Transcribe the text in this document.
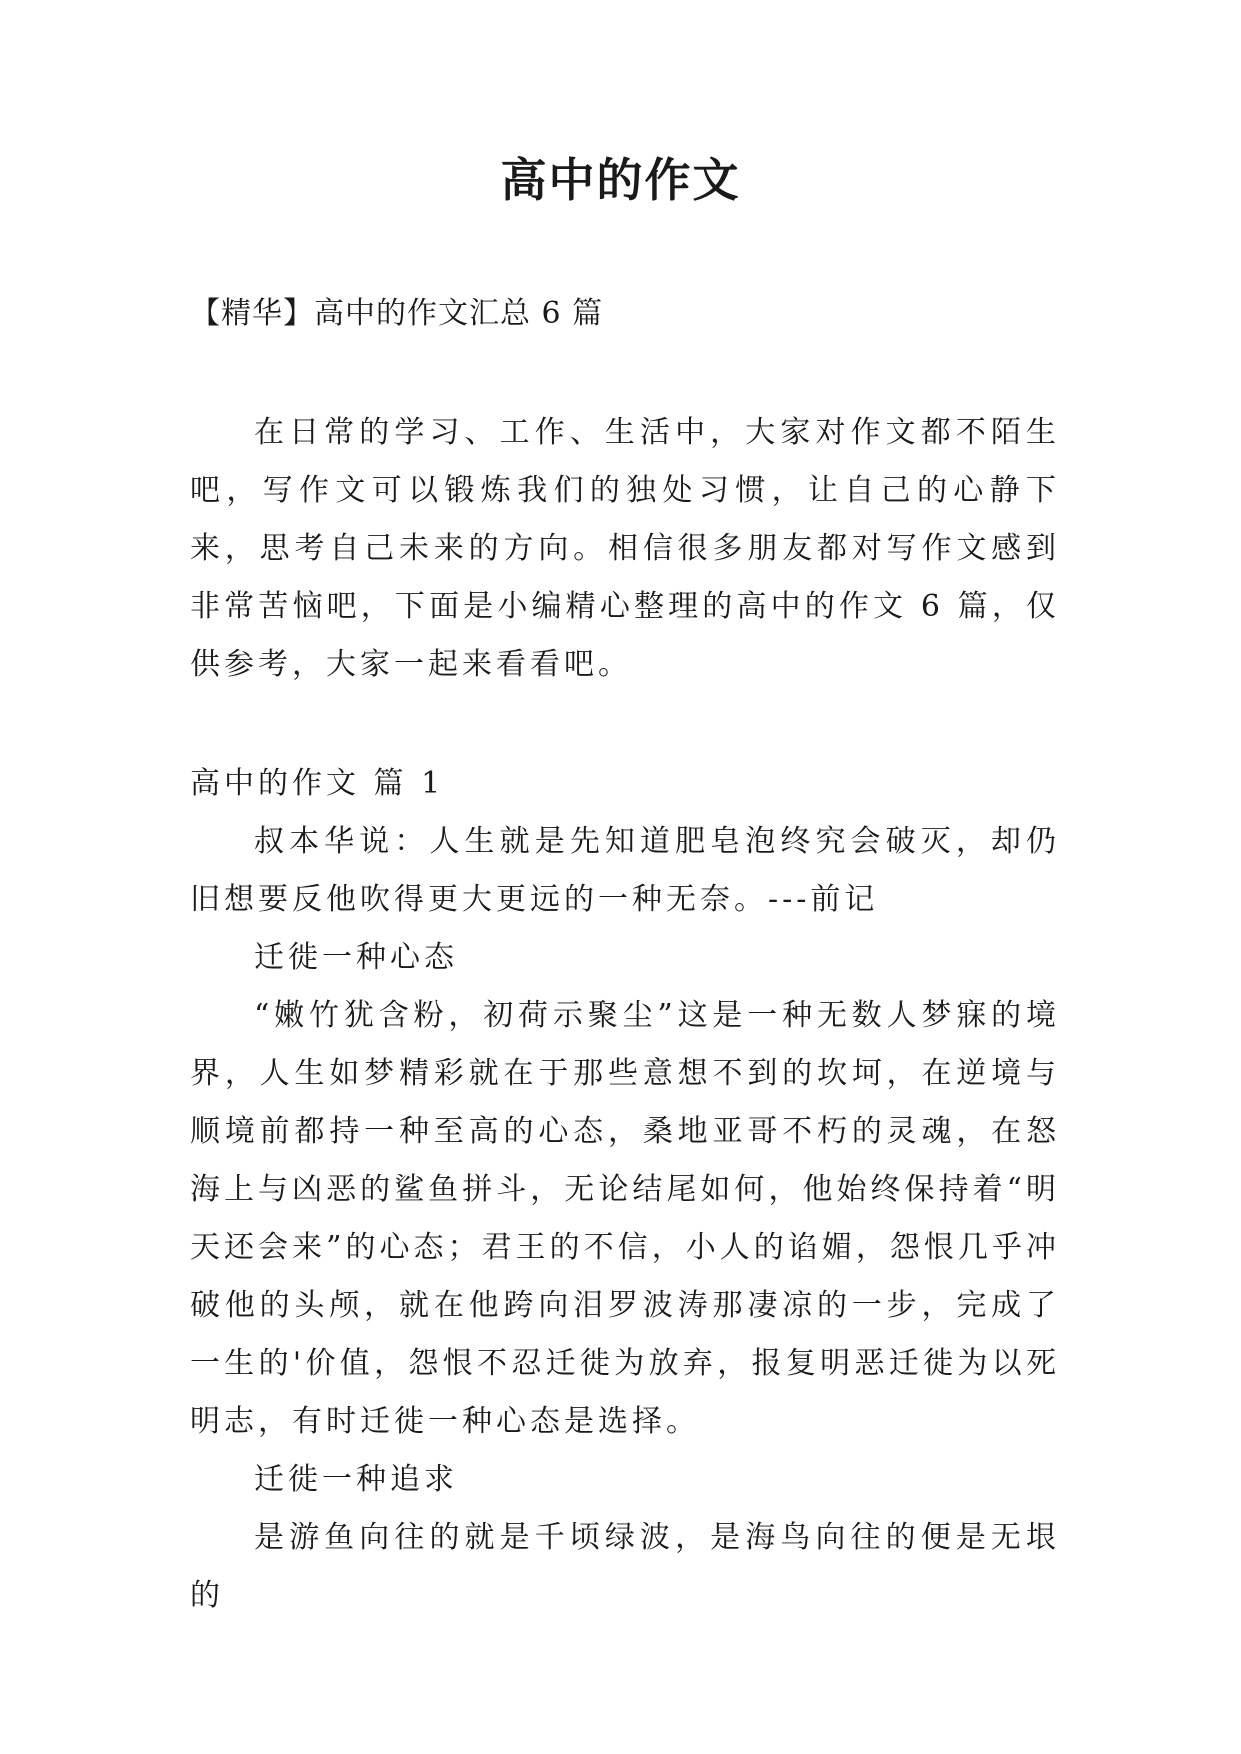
高中的作文
【精华】高中的作文汇总 6 篇

在日常的学习、工作、生活中，大家对作文都不陌生吧，写作文可以锻炼我们的独处习惯，让自己的心静下来，思考自己未来的方向。相信很多朋友都对写作文感到非常苦恼吧，下面是小编精心整理的高中的作文 6 篇，仅供参考，大家一起来看看吧。

高中的作文 篇 1

叔本华说：人生就是先知道肥皂泡终究会破灭，却仍旧想要反他吹得更大更远的一种无奈。---前记

迁徙一种心态

“嫩竹犹含粉，初荷示聚尘”这是一种无数人梦寐的境界，人生如梦精彩就在于那些意想不到的坎坷，在逆境与顺境前都持一种至高的心态，桑地亚哥不朽的灵魂，在怒海上与凶恶的鲨鱼拼斗，无论结尾如何，他始终保持着“明天还会来”的心态；君王的不信，小人的谄媚，怨恨几乎冲破他的头颅，就在他跨向泪罗波涛那凄凉的一步，完成了一生的'价值，怨恨不忍迁徙为放弃，报复明恶迁徙为以死明志，有时迁徙一种心态是选择。

迁徙一种追求

是游鱼向往的就是千顷绿波，是海鸟向往的便是无垠的
